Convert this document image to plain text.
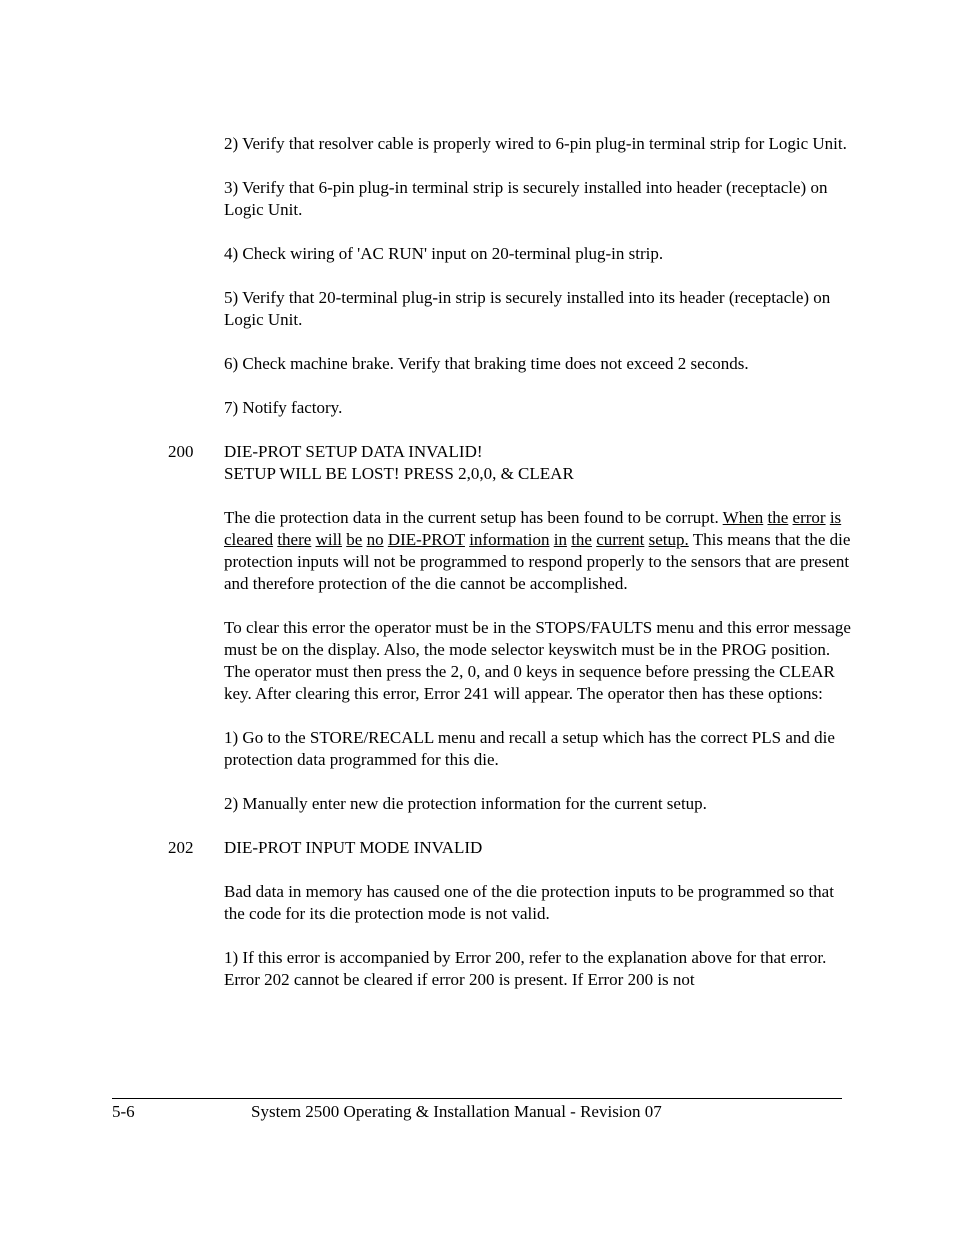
2) Verify that resolver cable is properly wired to 6-pin plug-in terminal strip for Logic Unit.

3) Verify that 6-pin plug-in terminal strip is securely installed into header (receptacle) on Logic Unit.

4) Check wiring of 'AC RUN' input on 20-terminal plug-in strip.

5) Verify that 20-terminal plug-in strip is securely installed into its header (receptacle) on Logic Unit.

6) Check machine brake. Verify that braking time does not exceed 2 seconds.

7) Notify factory.

200 DIE-PROT SETUP DATA INVALID!
SETUP WILL BE LOST! PRESS 2,0,0, & CLEAR

The die protection data in the current setup has been found to be corrupt. When the error is cleared there will be no DIE-PROT information in the current setup. This means that the die protection inputs will not be programmed to respond properly to the sensors that are present and therefore protection of the die cannot be accomplished.

To clear this error the operator must be in the STOPS/FAULTS menu and this error message must be on the display. Also, the mode selector keyswitch must be in the PROG position. The operator must then press the 2, 0, and 0 keys in sequence before pressing the CLEAR key. After clearing this error, Error 241 will appear. The operator then has these options:

1) Go to the STORE/RECALL menu and recall a setup which has the correct PLS and die protection data programmed for this die.

2) Manually enter new die protection information for the current setup.

202 DIE-PROT INPUT MODE INVALID

Bad data in memory has caused one of the die protection inputs to be programmed so that the code for its die protection mode is not valid.

1) If this error is accompanied by Error 200, refer to the explanation above for that error. Error 202 cannot be cleared if error 200 is present. If Error 200 is not

5-6	System 2500 Operating & Installation Manual - Revision 07
